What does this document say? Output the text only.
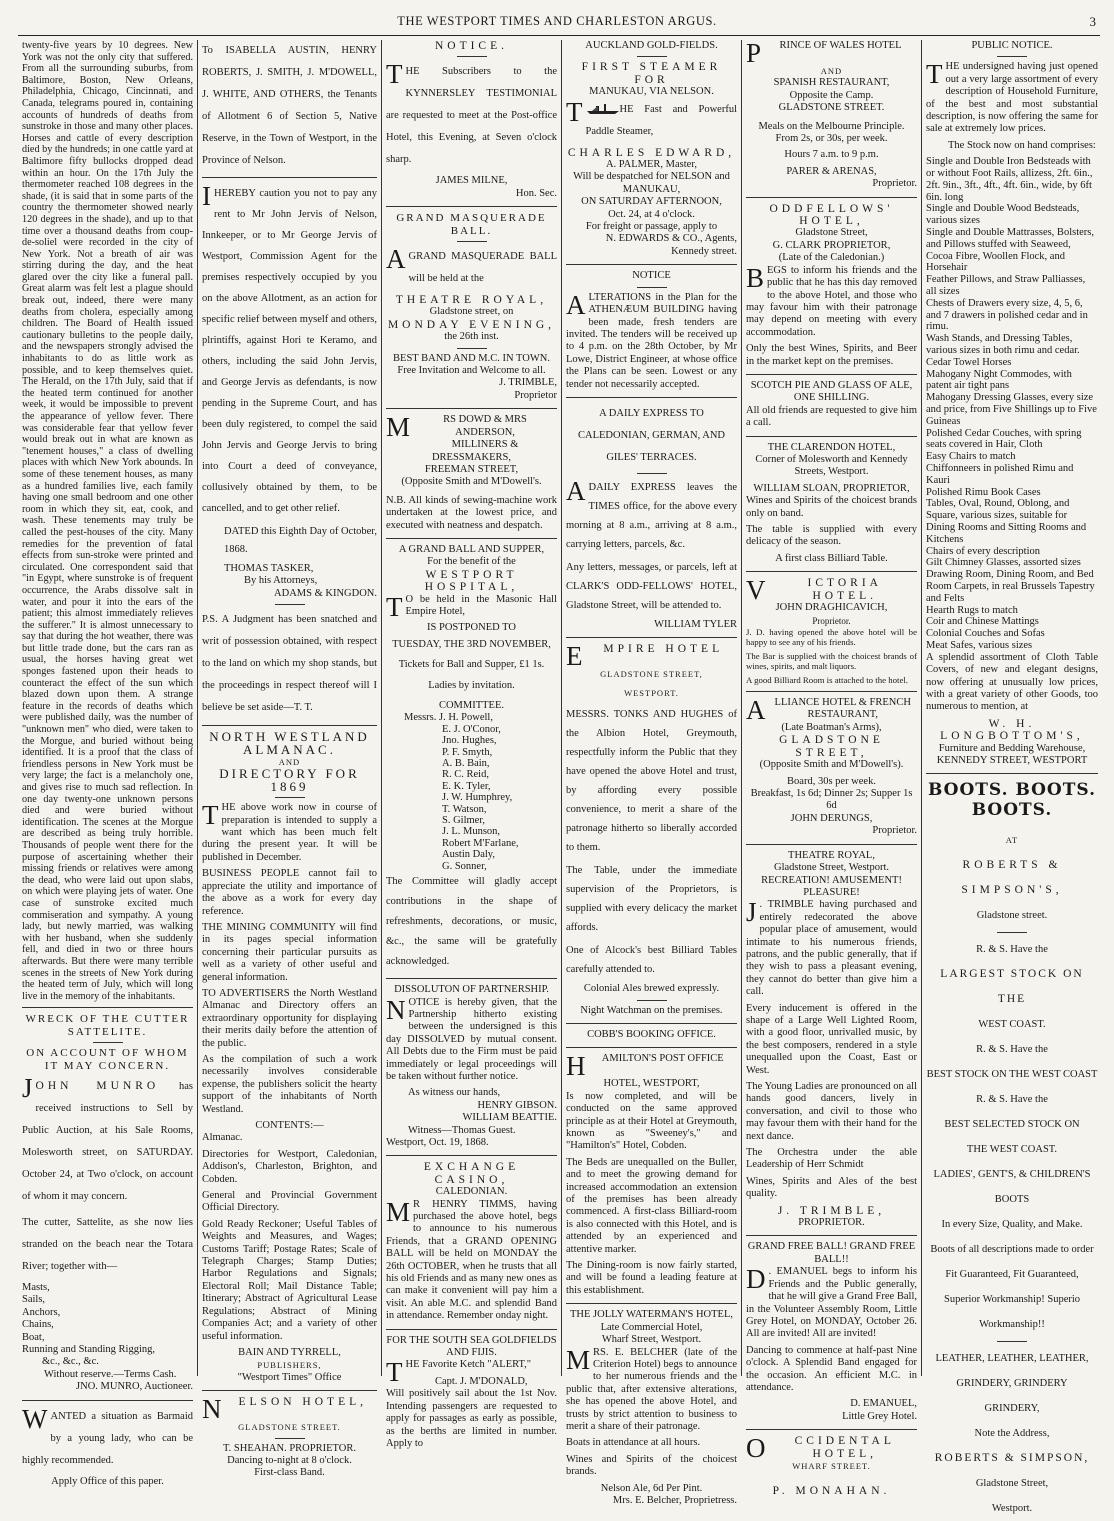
THE WESTPORT TIMES AND CHARLESTON ARGUS.	3

twenty-five years by 10 degrees. New York was not the only city that suffered. From all the surrounding suburbs, from Baltimore, Boston, New Orleans, Philadelphia, Chicago, Cincinnati, and Canada, telegrams poured in, containing accounts of hundreds of deaths from sunstroke in those and many other places. Horses and cattle of every description died by the hundreds; in one cattle yard at Baltimore fifty bullocks dropped dead within an hour. On the 17th July the thermometer reached 108 degrees in the shade, (it is said that in some parts of the country the thermometer showed nearly 120 degrees in the shade), and up to that time over a thousand deaths from coup-de-soliel were recorded in the city of New York. Not a breath of air was stirring during the day, and the heat glared over the city like a funeral pall. Great alarm was felt lest a plague should break out, indeed, there were many deaths from cholera, especially among children. The Board of Health issued cautionary bulletins to the people daily, and the newspapers strongly advised the inhabitants to do as little work as possible, and to keep themselves quiet. The Herald, on the 17th July, said that if the heated term continued for another week, it would be impossible to prevent the appearance of yellow fever. There was considerable fear that yellow fever would break out in what are known as "tenement houses," a class of dwelling places with which New York abounds. In some of these tenement houses, as many as a hundred families live, each family having one small bedroom and one other room in which they sit, eat, cook, and wash. These tenements may truly be called the pest-houses of the city. Many remedies for the prevention of fatal effects from sun-stroke were printed and circulated. One correspondent said that "in Egypt, where sunstroke is of frequent occurrence, the Arabs dissolve salt in water, and pour it into the ears of the patient; this almost immediately relieves the sufferer." It is almost unnecessary to say that during the hot weather, there was but little trade done, but the cars ran as usual, the horses having great wet sponges fastened upon their heads to counteract the effect of the sun which blazed down upon them. A strange feature in the records of deaths which were published daily, was the number of "unknown men" who died, were taken to the Morgue, and buried without being identified. It is a proof that the class of friendless persons in New York must be very large; the fact is a melancholy one, and gives rise to much sad reflection. In one day twenty-one unknown persons died and were buried without identification. The scenes at the Morgue are described as being truly horrible. Thousands of people went there for the purpose of ascertaining whether their missing friends or relatives were among the dead, who were laid out upon slabs, on which were playing jets of water. One case of sunstroke excited much commiseration and sympathy. A young lady, but newly married, was walking with her husband, when she suddenly fell, and died in two or three hours afterwards. But there were many terrible scenes in the streets of New York during the heated term of July, which will long live in the memory of the inhabitants.

WRECK OF THE CUTTER SATTELITE.
ON ACCOUNT OF WHOM IT MAY CONCERN.

JOHN MUNRO has received instructions to Sell by Public Auction, at his Sale Rooms, Molesworth street, on SATURDAY. October 24, at Two o'clock, on account of whom it may concern.

The cutter, Sattelite, as she now lies stranded on the beach near the Totara River; together with—

Masts,
Sails,
Anchors,
Chains,
Boat,
Running and Standing Rigging,
&c., &c., &c.
Without reserve.—Terms Cash.
JNO. MUNRO, Auctioneer.

WANTED a situation as Barmaid by a young lady, who can be highly recommended.

Apply Office of this paper.

To ISABELLA AUSTIN, HENRY ROBERTS, J. SMITH, J. M'DOWELL, J. WHITE, AND OTHERS, the Tenants of Allotment 6 of Section 5, Native Reserve, in the Town of Westport, in the Province of Nelson.

IHEREBY caution you not to pay any rent to Mr John Jervis of Nelson, Innkeeper, or to Mr George Jervis of Westport, Commission Agent for the premises respectively occupied by you on the above Allotment, as an action for specific relief between myself and others, plrintiffs, against Hori te Keramo, and others, including the said John Jervis, and George Jervis as defendants, is now pending in the Supreme Court, and has been duly registered, to compel the said John Jervis and George Jervis to bring into Court a deed of conveyance, collusively obtained by them, to be cancelled, and to get other relief.

DATED this Eighth Day of October, 1868.

THOMAS TASKER,
By his Attorneys,
ADAMS & KINGDON.

P.S. A Judgment has been snatched and writ of possession obtained, with respect to the land on which my shop stands, but the proceedings in respect thereof will I believe be set aside—T. T.

NORTH WESTLAND
ALMANAC.
AND
DIRECTORY FOR 1869

THE above work now in course of preparation is intended to supply a want which has been much felt during the present year. It will be published in December.

BUSINESS PEOPLE cannot fail to appreciate the utility and importance of the above as a work for every day reference.

THE MINING COMMUNITY will find in its pages special information concerning their particular pursuits as well as a variety of other useful and general information.

TO ADVERTISERS the North Westland Almanac and Directory offers an extraordinary opportunity for displaying their merits daily before the attention of the public.

As the compilation of such a work necessarily involves considerable expense, the publishers solicit the hearty support of the inhabitants of North Westland.

CONTENTS:—

Almanac.

Directories for Westport, Caledonian, Addison's, Charleston, Brighton, and Cobden.

General and Provincial Government Official Directory.

Gold Ready Reckoner; Useful Tables of Weights and Measures, and Wages; Customs Tariff; Postage Rates; Scale of Telegraph Charges; Stamp Duties; Harbor Regulations and Signals; Electoral Roll; Mail Distance Table; Itinerary; Abstract of Agricultural Lease Regulations; Abstract of Mining Companies Act; and a variety of other useful information.

BAIN AND TYRRELL,
PUBLISHERS,
"Westport Times" Office
N ELSON HOTEL,
GLADSTONE STREET.
T. SHEAHAN. PROPRIETOR.
Dancing to-night at 8 o'clock.
First-class Band.
NOTICE.

THE Subscribers to the KYNNERSLEY TESTIMONIAL are requested to meet at the Post-office Hotel, this Evening, at Seven o'clock sharp.

JAMES MILNE,
Hon. Sec.
GRAND MASQUERADE BALL.

AGRAND MASQUERADE BALL will be held at the

THEATRE ROYAL,
Gladstone street, on
MONDAY EVENING,
the 26th inst.
BEST BAND AND M.C. IN TOWN.
Free Invitation and Welcome to all.
J. TRIMBLE,
Proprietor
M	RS DOWD & MRS ANDERSON,
MILLINERS & DRESSMAKERS,
FREEMAN STREET,
(Opposite Smith and M'Dowell's.

N.B. All kinds of sewing-machine work undertaken at the lowest price, and executed with neatness and despatch.

A GRAND BALL AND SUPPER,
For the benefit of the
WESTPORT HOSPITAL,

T O be held in the Masonic Hall Empire Hotel,

IS POSTPONED TO
TUESDAY, THE 3RD NOVEMBER,
Tickets for Ball and Supper, £1 1s.
Ladies by invitation.
COMMITTEE.
Messrs. J. H. Powell,
E. J. O'Conor,
Jno. Hughes,
P. F. Smyth,
A. B. Bain,
R. C. Reid,
E. K. Tyler,
J. W. Humphrey,
T. Watson,
S. Gilmer,
J. L. Munson,
Robert M'Farlane,
Austin Daly,
G. Sonner,

The Committee will gladly accept contributions in the shape of refreshments, decorations, or music, &c., the same will be gratefully acknowledged.

DISSOLUTON OF PARTNERSHIP.

NOTICE is hereby given, that the Partnership hitherto existing between the undersigned is this day DISSOLVED by mutual consent. All Debts due to the Firm must be paid immediately or legal proceedings will be taken without further notice.

As witness our hands,
HENRY GIBSON.
WILLIAM BEATTIE.
Witness—Thomas Guest.
Westport, Oct. 19, 1868.
EXCHANGE CASINO,
CALEDONIAN.

M R HENRY TIMMS, having purchased the above hotel, begs to announce to his numerous Friends, that a GRAND OPENING BALL will be held on MONDAY the 26th OCTOBER, when he trusts that all his old Friends and as many new ones as can make it convenient will pay him a visit. An able M.C. and splendid Band in attendance. Remember onday night.

FOR THE SOUTH SEA GOLDFIELDS AND FIJIS.

THE Favorite Ketch "ALERT,"

Capt. J. M'DONALD,

Will positively sail about the 1st Nov. Intending passengers are requested to apply for passages as early as possible, as the berths are limited in number. Apply to

AUCKLAND GOLD-FIELDS.
FIRST STEAMER FOR
MANUKAU, VIA NELSON.

T	HE Fast and Powerful Paddle Steamer,

CHARLES EDWARD,
A. PALMER, Master,
Will be despatched for NELSON and
MANUKAU,
ON SATURDAY AFTERNOON,
Oct. 24, at 4 o'clock.
For freight or passage, apply to
N. EDWARDS & CO., Agents,
Kennedy street.
NOTICE

ALTERATIONS in the Plan for the ATHENÆUM BUILDING having been made, fresh tenders are invited. The tenders will be received up to 4 p.m. on the 28th October, by Mr Lowe, District Engineer, at whose office the Plans can be seen. Lowest or any tender not necessarily accepted.

A DAILY EXPRESS TO CALEDONIAN, GERMAN, AND GILES' TERRACES.

ADAILY EXPRESS leaves the TIMES office, for the above every morning at 8 a.m., arriving at 8 a.m., carrying letters, parcels, &c.

Any letters, messages, or parcels, left at CLARK'S ODD-FELLOWS' HOTEL, Gladstone Street, will be attended to.

WILLIAM TYLER
E MPIRE HOTEL
GLADSTONE STREET,
WESTPORT.

MESSRS. TONKS AND HUGHES of the Albion Hotel, Greymouth, respectfully inform the Public that they have opened the above Hotel and trust, by affording every possible convenience, to merit a share of the patronage hitherto so liberally accorded to them.

The Table, under the immediate supervision of the Proprietors, is supplied with every delicacy the market affords.

One of Alcock's best Billiard Tables carefully attended to.

Colonial Ales brewed expressly.

Night Watchman on the premises.

COBB'S BOOKING OFFICE.
H AMILTON'S POST OFFICE
HOTEL, WESTPORT,

Is now completed, and will be conducted on the same approved principle as at their Hotel at Greymouth, known as "Sweeney's," and "Hamilton's" Hotel, Cobden.

The Beds are unequalled on the Buller, and to meet the growing demand for increased accommodation an extension of the premises has been already commenced. A first-class Billiard-room is also connected with this Hotel, and is attended by an experienced and attentive marker.

The Dining-room is now fairly started, and will be found a leading feature at this establishment.

THE JOLLY WATERMAN'S HOTEL,
Late Commercial Hotel,
Wharf Street, Westport.

MRS. E. BELCHER (late of the Criterion Hotel) begs to announce to her numerous friends and the public that, after extensive alterations, she has opened the above Hotel, and trusts by strict attention to business to merit a share of their patronage.

Boats in attendance at all hours.

Wines and Spirits of the choicest brands.

Nelson Ale, 6d Per Pint.
Mrs. E. Belcher, Proprietress.
P RINCE OF WALES HOTEL
AND
SPANISH RESTAURANT,
Opposite the Camp.
GLADSTONE STREET.

Meals on the Melbourne Principle. From 2s, or 30s, per week.

Hours 7 a.m. to 9 p.m.

PARER & ARENAS,
Proprietor.
ODDFELLOWS' HOTEL,
Gladstone Street,
G. CLARK PROPRIETOR,
(Late of the Caledonian.)

BEGS to inform his friends and the public that he has this day removed to the above Hotel, and those who may favour him with their patronage may depend on meeting with every accommodation.

Only the best Wines, Spirits, and Beer in the market kept on the premises.

SCOTCH PIE AND GLASS OF ALE, ONE SHILLING.

All old friends are requested to give him a call.

THE CLARENDON HOTEL,

Corner of Molesworth and Kennedy Streets, Westport.

WILLIAM SLOAN, PROPRIETOR,

Wines and Spirits of the choicest brands only on band.

The table is supplied with every delicacy of the season.

A first class Billiard Table.

V	ICTORIA HOTEL.
JOHN DRAGHICAVICH,
Proprietor.

J. D. having opened the above hotel will be happy to see any of his friends.

The Bar is supplied with the choicest brands of wines, spirits, and malt liquors.

A good Billiard Room is attached to the hotel.

ALLIANCE HOTEL & FRENCH
RESTAURANT,
(Late Boatman's Arms),
GLADSTONE STREET,
(Opposite Smith and M'Dowell's).
Board, 30s per week.
Breakfast, 1s 6d; Dinner 2s; Supper 1s 6d
JOHN DERUNGS,
Proprietor.
THEATRE ROYAL,
Gladstone Street, Westport.
RECREATION! AMUSEMENT! PLEASURE!

J . TRIMBLE having purchased and entirely redecorated the above popular place of amusement, would intimate to his numerous friends, patrons, and the public generally, that if they wish to pass a pleasant evening, they cannot do better than give him a call.

Every inducement is offered in the shape of a Large Well Lighted Room, with a good floor, unrivalled music, by the best composers, rendered in a style unequalled upon the Coast, East or West.

The Young Ladies are pronounced on all hands good dancers, lively in conversation, and civil to those who may favour them with their hand for the next dance.

The Orchestra under the able Leadership of Herr Schmidt

Wines, Spirits and Ales of the best quality.

J. TRIMBLE,
PROPRIETOR.
GRAND FREE BALL! GRAND FREE BALL!!

D . EMANUEL begs to inform his Friends and the Public generally, that he will give a Grand Free Ball, in the Volunteer Assembly Room, Little Grey Hotel, on MONDAY, October 26. All are invited! All are invited!

Dancing to commence at half-past Nine o'clock. A Splendid Band engaged for the occasion. An efficient M.C. in attendance.

D. EMANUEL,
Little Grey Hotel.
O CCIDENTAL HOTEL,
WHARF STREET.
P. MONAHAN.
PUBLIC NOTICE.

THE undersigned having just opened out a very large assortment of every description of Household Furniture, of the best and most substantial description, is now offering the same for sale at extremely low prices.

The Stock now on hand comprises:

Single and Double Iron Bedsteads with or without Foot Rails, allizess, 2ft. 6in., 2ft. 9in., 3ft., 4ft., 4ft. 6in., wide, by 6ft 6in. long
Single and Double Wood Bedsteads, various sizes
Single and Double Mattrasses, Bolsters, and Pillows stuffed with Seaweed, Cocoa Fibre, Woollen Flock, and Horsehair
Feather Pillows, and Straw Palliasses, all sizes
Chests of Drawers every size, 4, 5, 6, and 7 drawers in polished cedar and in rimu.
Wash Stands, and Dressing Tables, various sizes in both rimu and cedar.
Cedar Towel Horses
Mahogany Night Commodes, with patent air tight pans
Mahogany Dressing Glasses, every size and price, from Five Shillings up to Five Guineas
Polished Cedar Couches, with spring seats covered in Hair, Cloth
Easy Chairs to match
Chiffonneers in polished Rimu and Kauri
Polished Rimu Book Cases
Tables, Oval, Round, Oblong, and Square, various sizes, suitable for Dining Rooms and Sitting Rooms and Kitchens
Chairs of every description
Gilt Chimney Glasses, assorted sizes
Drawing Room, Dining Room, and Bed Room Carpets, in real Brussels Tapestry and Felts
Hearth Rugs to match
Coir and Chinese Mattings
Colonial Couches and Sofas
Meat Safes, various sizes

A splendid assortment of Cloth Table Covers, of new and elegant designs, now offering at unusually low prices, with a great variety of other Goods, too numerous to mention, at

W. H. LONGBOTTOM'S,
Furniture and Bedding Warehouse,
KENNEDY STREET, WESTPORT
BOOTS. BOOTS. BOOTS.
AT
ROBERTS & SIMPSON'S,
Gladstone street.
R. & S. Have the
LARGEST STOCK ON THE
WEST COAST.
R. & S. Have the
BEST STOCK ON THE WEST COAST
R. & S. Have the
BEST SELECTED STOCK ON
THE WEST COAST.
LADIES', GENT'S, & CHILDREN'S
BOOTS
In every Size, Quality, and Make.
Boots of all descriptions made to order
Fit Guaranteed, Fit Guaranteed,
Superior Workmanship! Superio
Workmanship!!
LEATHER, LEATHER, LEATHER,
GRINDERY, GRINDERY
GRINDERY,
Note the Address,
ROBERTS & SIMPSON,
Gladstone Street,
Westport.
